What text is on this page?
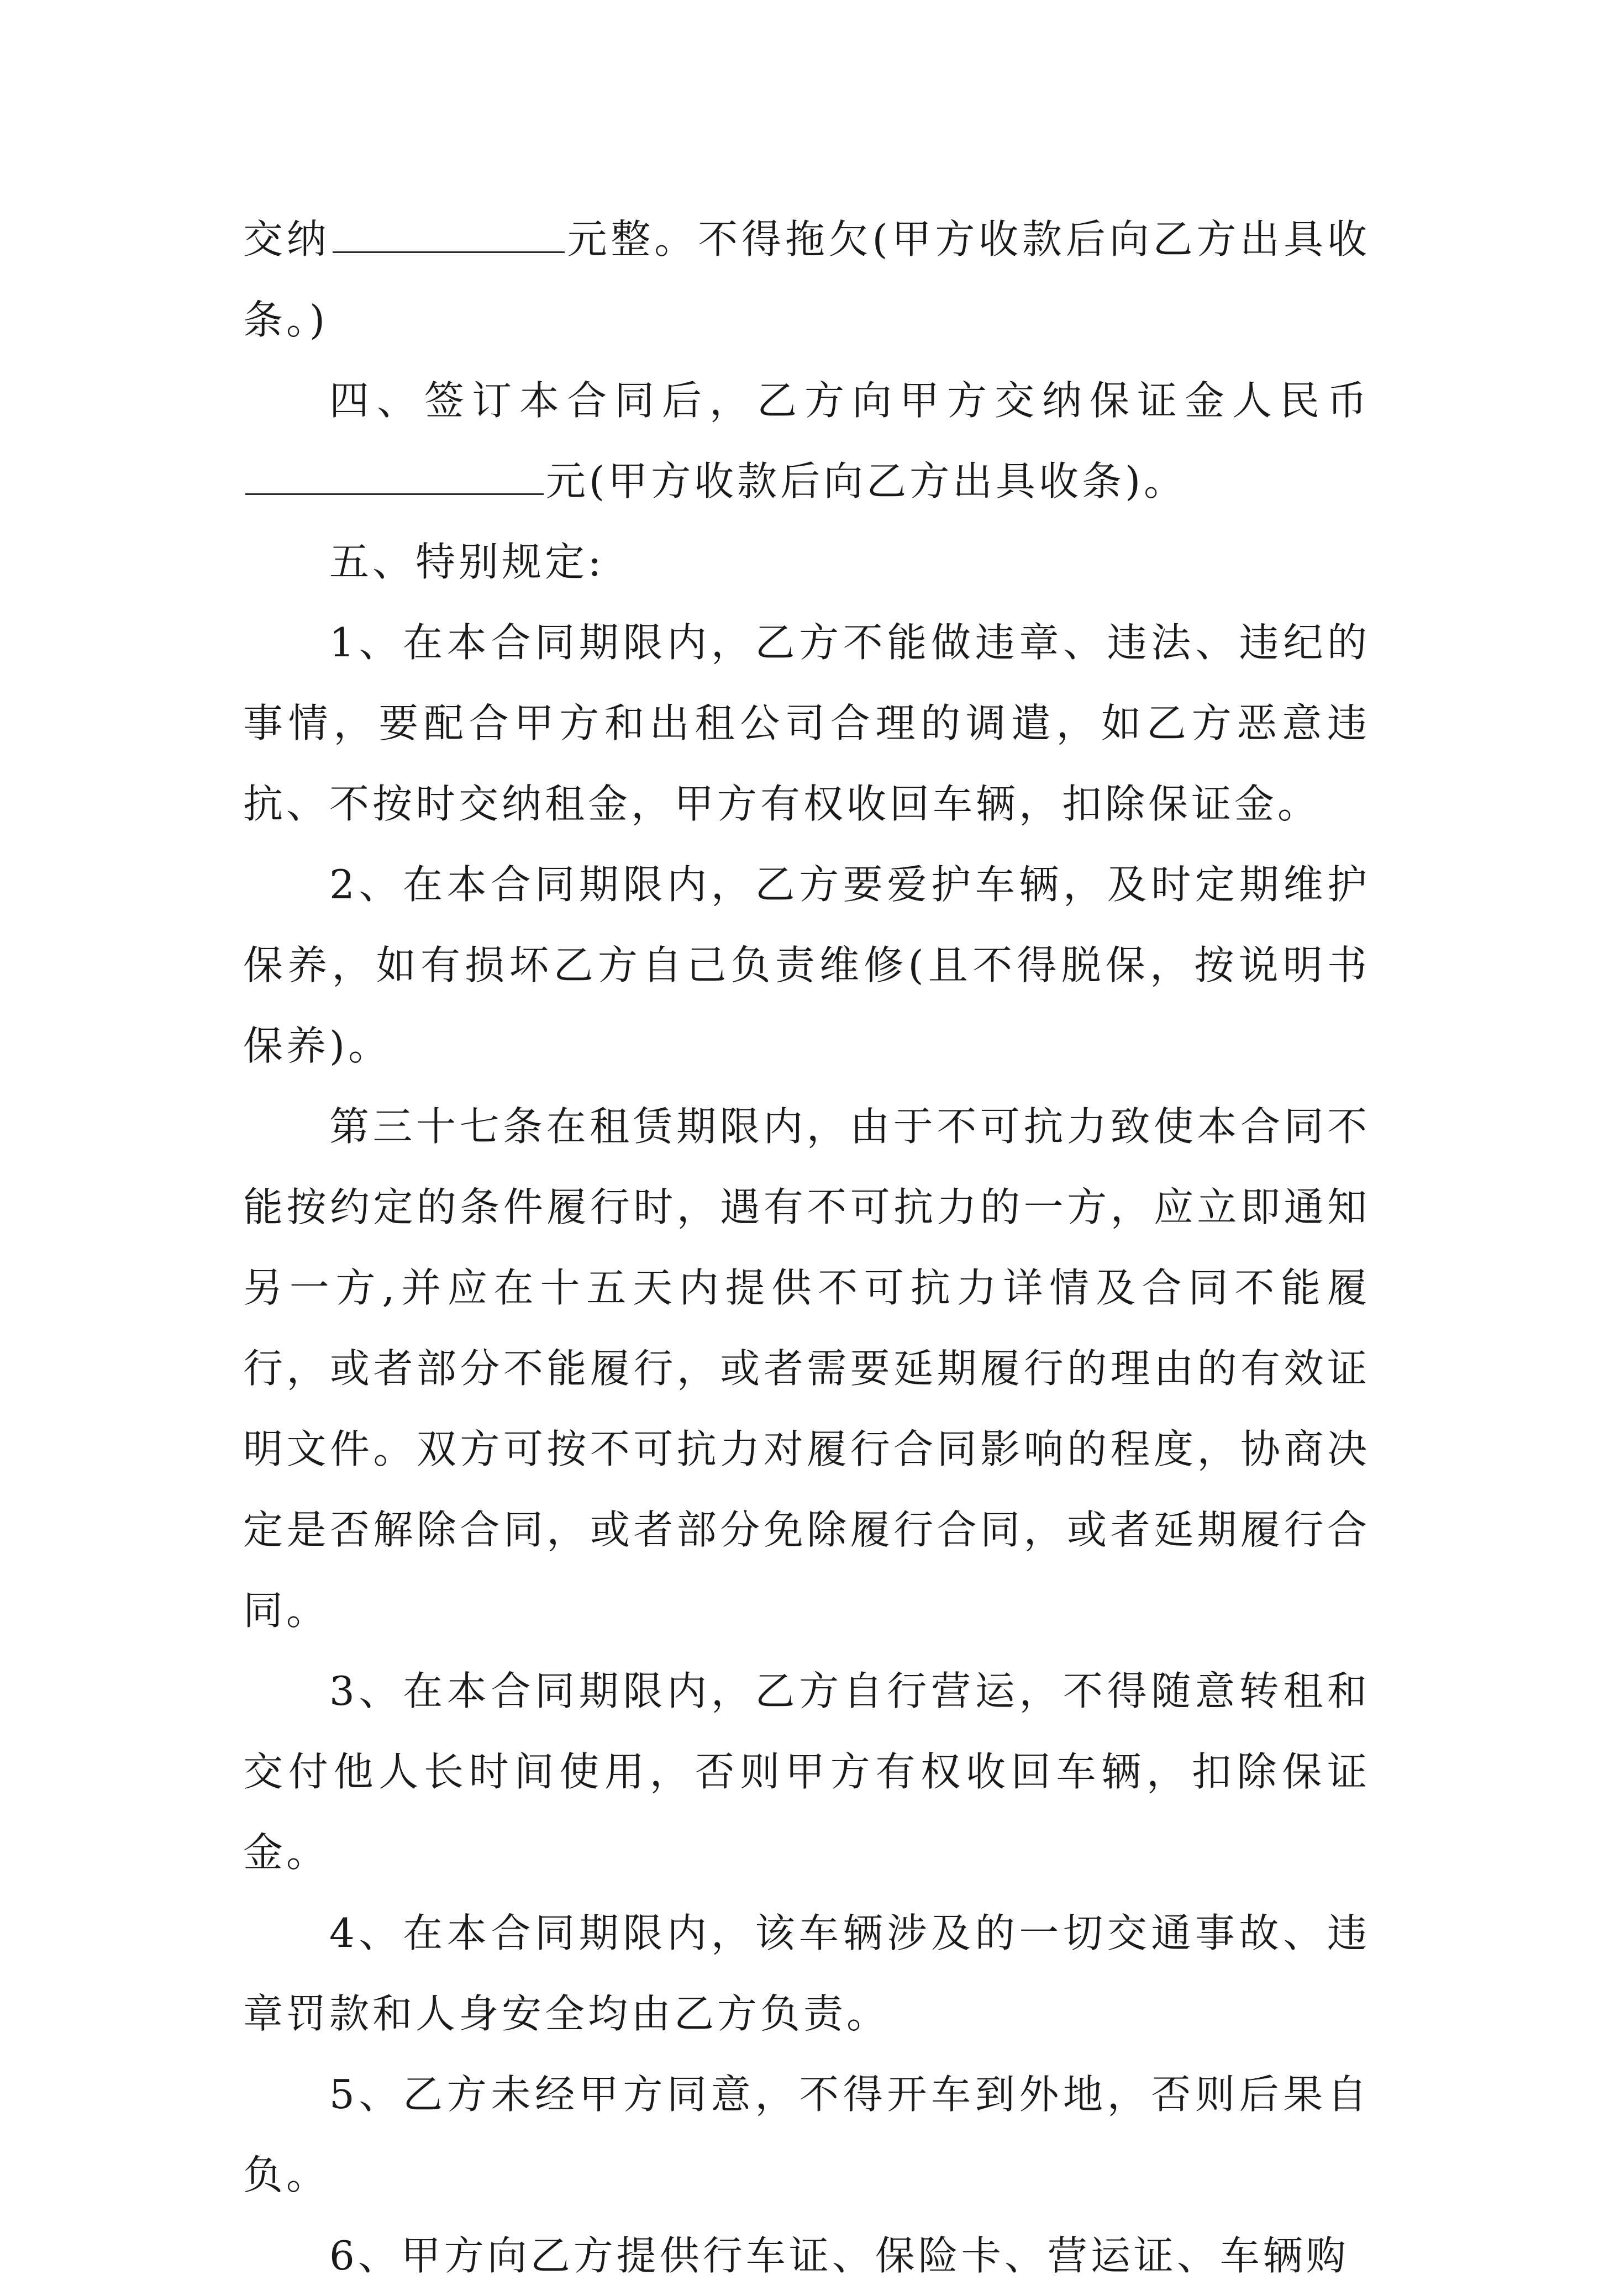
交纳	元整。不得拖欠(甲方收款后向乙方出具收条。)

四、签订本合同后，乙方向甲方交纳保证金人民币元(甲方收款后向乙方出具收条)。

五、特别规定:

1、在本合同期限内，乙方不能做违章、违法、违纪的事情，要配合甲方和出租公司合理的调遣，如乙方恶意违抗、不按时交纳租金，甲方有权收回车辆，扣除保证金。

2、在本合同期限内，乙方要爱护车辆，及时定期维护保养，如有损坏乙方自己负责维修(且不得脱保，按说明书保养)。

第三十七条在租赁期限内，由于不可抗力致使本合同不能按约定的条件履行时，遇有不可抗力的一方，应立即通知另一方,并应在十五天内提供不可抗力详情及合同不能履行，或者部分不能履行，或者需要延期履行的理由的有效证明文件。双方可按不可抗力对履行合同影响的程度，协商决定是否解除合同，或者部分免除履行合同，或者延期履行合同。

3、在本合同期限内，乙方自行营运，不得随意转租和交付他人长时间使用，否则甲方有权收回车辆，扣除保证金。

4、在本合同期限内，该车辆涉及的一切交通事故、违章罚款和人身安全均由乙方负责。

5、乙方未经甲方同意，不得开车到外地，否则后果自负。

6、甲方向乙方提供行车证、保险卡、营运证、车辆购
